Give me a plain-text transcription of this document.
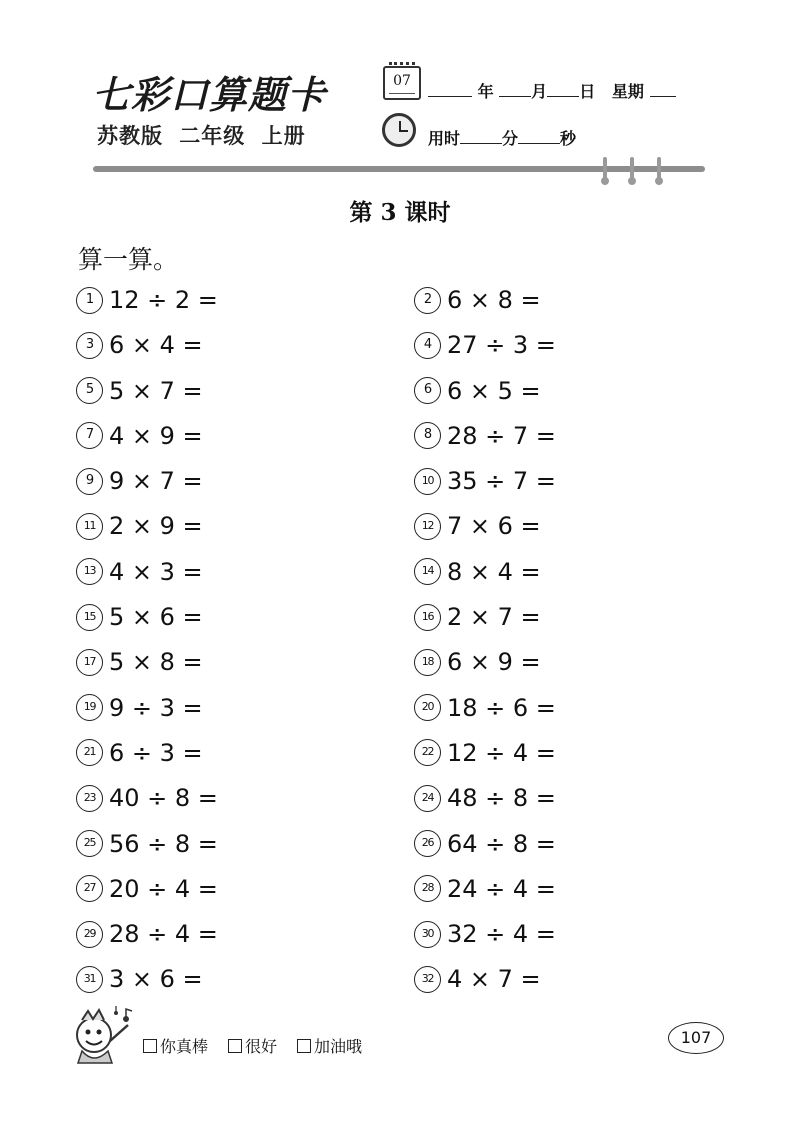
七彩 口算题卡
苏教版 二年级 上册
07
年 月 日 星期
用时	分	秒
第 3 课时
算一算。
1 12 ÷ 2 =	2 6 × 8 =
3 6 × 4 =	4 27 ÷ 3 =
5 5 × 7 =	6 6 × 5 =
7 4 × 9 =	8 28 ÷ 7 =
9 9 × 7 =	10 35 ÷ 7 =
11 2 × 9 =	12 7 × 6 =
13 4 × 3 =	14 8 × 4 =
15 5 × 6 =	16 2 × 7 =
17 5 × 8 =	18 6 × 9 =
19 9 ÷ 3 =	20 18 ÷ 6 =
21 6 ÷ 3 =	22 12 ÷ 4 =
23 40 ÷ 8 =	24 48 ÷ 8 =
25 56 ÷ 8 =	26 64 ÷ 8 =
27 20 ÷ 4 =	28 24 ÷ 4 =
29 28 ÷ 4 =	30 32 ÷ 4 =
31 3 × 6 =	32 4 × 7 =
你真棒 很好 加油哦	107
